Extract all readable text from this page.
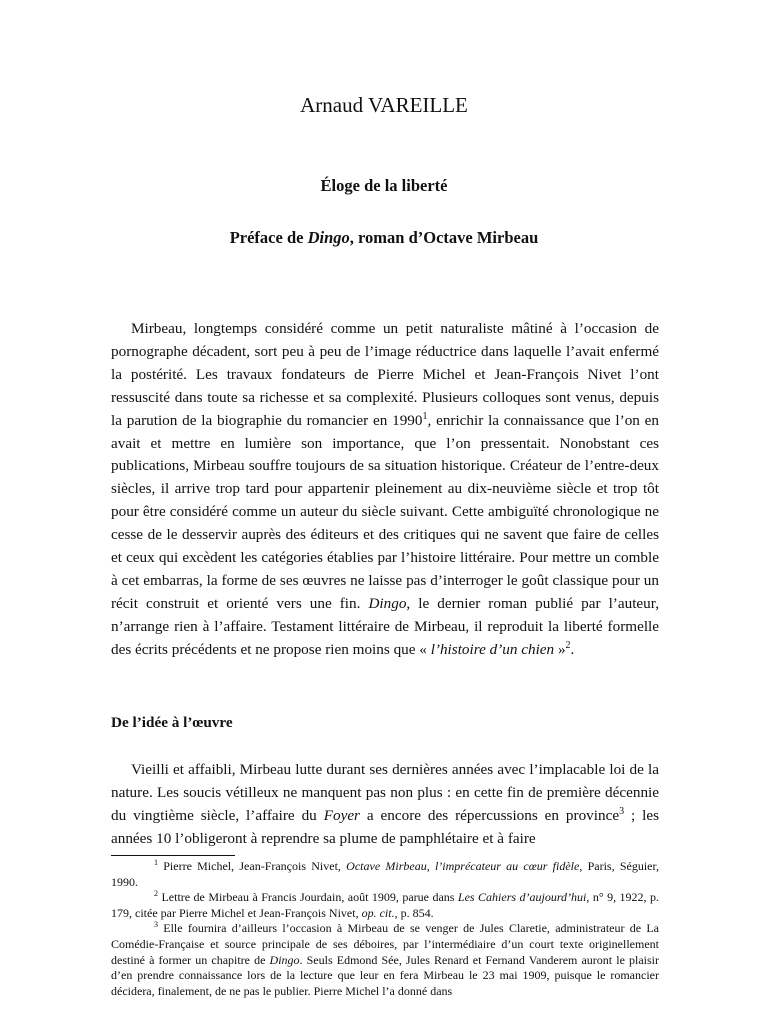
Arnaud VAREILLE
Éloge de la liberté
Préface de Dingo, roman d’Octave Mirbeau

Mirbeau, longtemps considéré comme un petit naturaliste mâtiné à l’occasion de pornographe décadent, sort peu à peu de l’image réductrice dans laquelle l’avait enfermé la postérité. Les travaux fondateurs de Pierre Michel et Jean-François Nivet l’ont ressuscité dans toute sa richesse et sa complexité. Plusieurs colloques sont venus, depuis la parution de la biographie du romancier en 1990$^1$, enrichir la connaissance que l’on en avait et mettre en lumière son importance, que l’on pressentait. Nonobstant ces publications, Mirbeau souffre toujours de sa situation historique. Créateur de l’entre-deux siècles, il arrive trop tard pour appartenir pleinement au dix-neuvième siècle et trop tôt pour être considéré comme un auteur du siècle suivant. Cette ambiguïté chronologique ne cesse de le desservir auprès des éditeurs et des critiques qui ne savent que faire de celles et ceux qui excèdent les catégories établies par l’histoire littéraire. Pour mettre un comble à cet embarras, la forme de ses œuvres ne laisse pas d’interroger le goût classique pour un récit construit et orienté vers une fin. Dingo, le dernier roman publié par l’auteur, n’arrange rien à l’affaire. Testament littéraire de Mirbeau, il reproduit la liberté formelle des écrits précédents et ne propose rien moins que « l’histoire d’un chien »$^2$.

De l’idée à l’œuvre

Vieilli et affaibli, Mirbeau lutte durant ses dernières années avec l’implacable loi de la nature. Les soucis vétilleux ne manquent pas non plus : en cette fin de première décennie du vingtième siècle, l’affaire du Foyer a encore des répercussions en province$^3$ ; les années 10 l’obligeront à reprendre sa plume de pamphlétaire et à faire

$^1$ Pierre Michel, Jean-François Nivet, Octave Mirbeau, l’imprécateur au cœur fidèle, Paris, Séguier, 1990.

$^2$ Lettre de Mirbeau à Francis Jourdain, août 1909, parue dans Les Cahiers d’aujourd’hui, n° 9, 1922, p. 179, citée par Pierre Michel et Jean-François Nivet, op. cit., p. 854.

$^3$ Elle fournira d’ailleurs l’occasion à Mirbeau de se venger de Jules Claretie, administrateur de La Comédie-Française et source principale de ses déboires, par l’intermédiaire d’un court texte originellement destiné à former un chapitre de Dingo. Seuls Edmond Sée, Jules Renard et Fernand Vanderem auront le plaisir d’en prendre connaissance lors de la lecture que leur en fera Mirbeau le 23 mai 1909, puisque le romancier décidera, finalement, de ne pas le publier. Pierre Michel l’a donné dans
